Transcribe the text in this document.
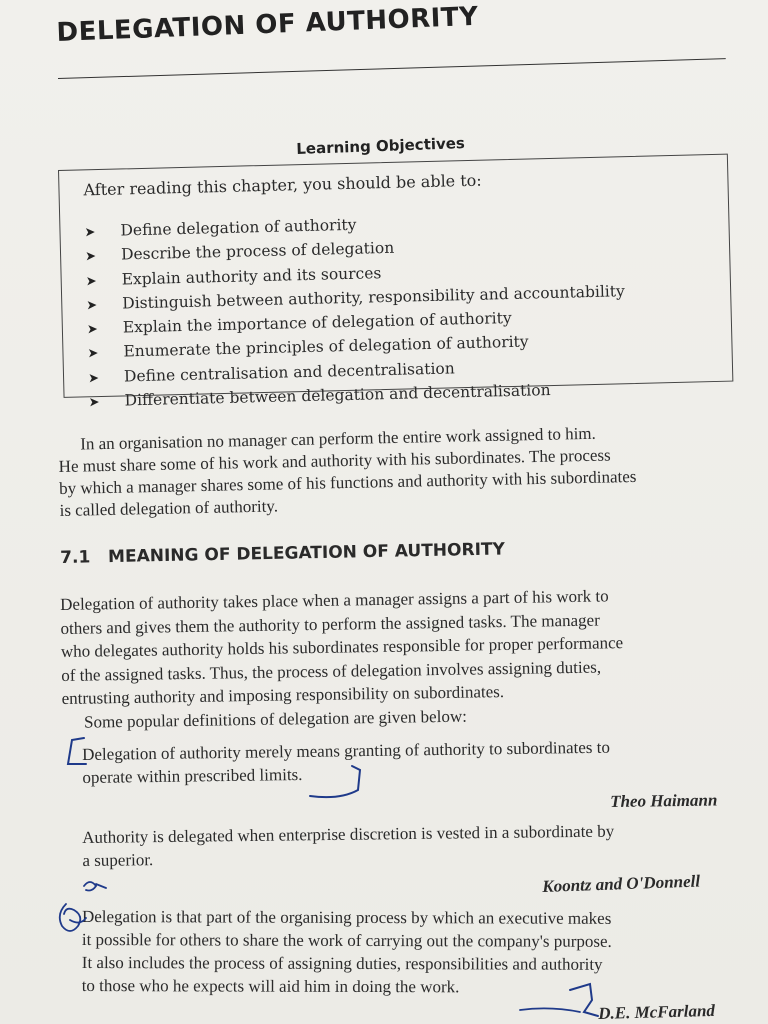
DELEGATION OF AUTHORITY
Learning Objectives
After reading this chapter, you should be able to:
➤ Define delegation of authority
➤ Describe the process of delegation
➤ Explain authority and its sources
➤ Distinguish between authority, responsibility and accountability
➤ Explain the importance of delegation of authority
➤ Enumerate the principles of delegation of authority
➤ Define centralisation and decentralisation
➤ Differentiate between delegation and decentralisation
In an organisation no manager can perform the entire work assigned to him.
He must share some of his work and authority with his subordinates. The process
by which a manager shares some of his functions and authority with his subordinates
is called delegation of authority.
7.1 MEANING OF DELEGATION OF AUTHORITY
Delegation of authority takes place when a manager assigns a part of his work to
others and gives them the authority to perform the assigned tasks. The manager
who delegates authority holds his subordinates responsible for proper performance
of the assigned tasks. Thus, the process of delegation involves assigning duties,
entrusting authority and imposing responsibility on subordinates.
Some popular definitions of delegation are given below:
Delegation of authority merely means granting of authority to subordinates to
operate within prescribed limits.
Theo Haimann
Authority is delegated when enterprise discretion is vested in a subordinate by
a superior.
Koontz and O'Donnell
Delegation is that part of the organising process by which an executive makes
it possible for others to share the work of carrying out the company's purpose.
It also includes the process of assigning duties, responsibilities and authority
to those who he expects will aid him in doing the work.
D.E. McFarland
